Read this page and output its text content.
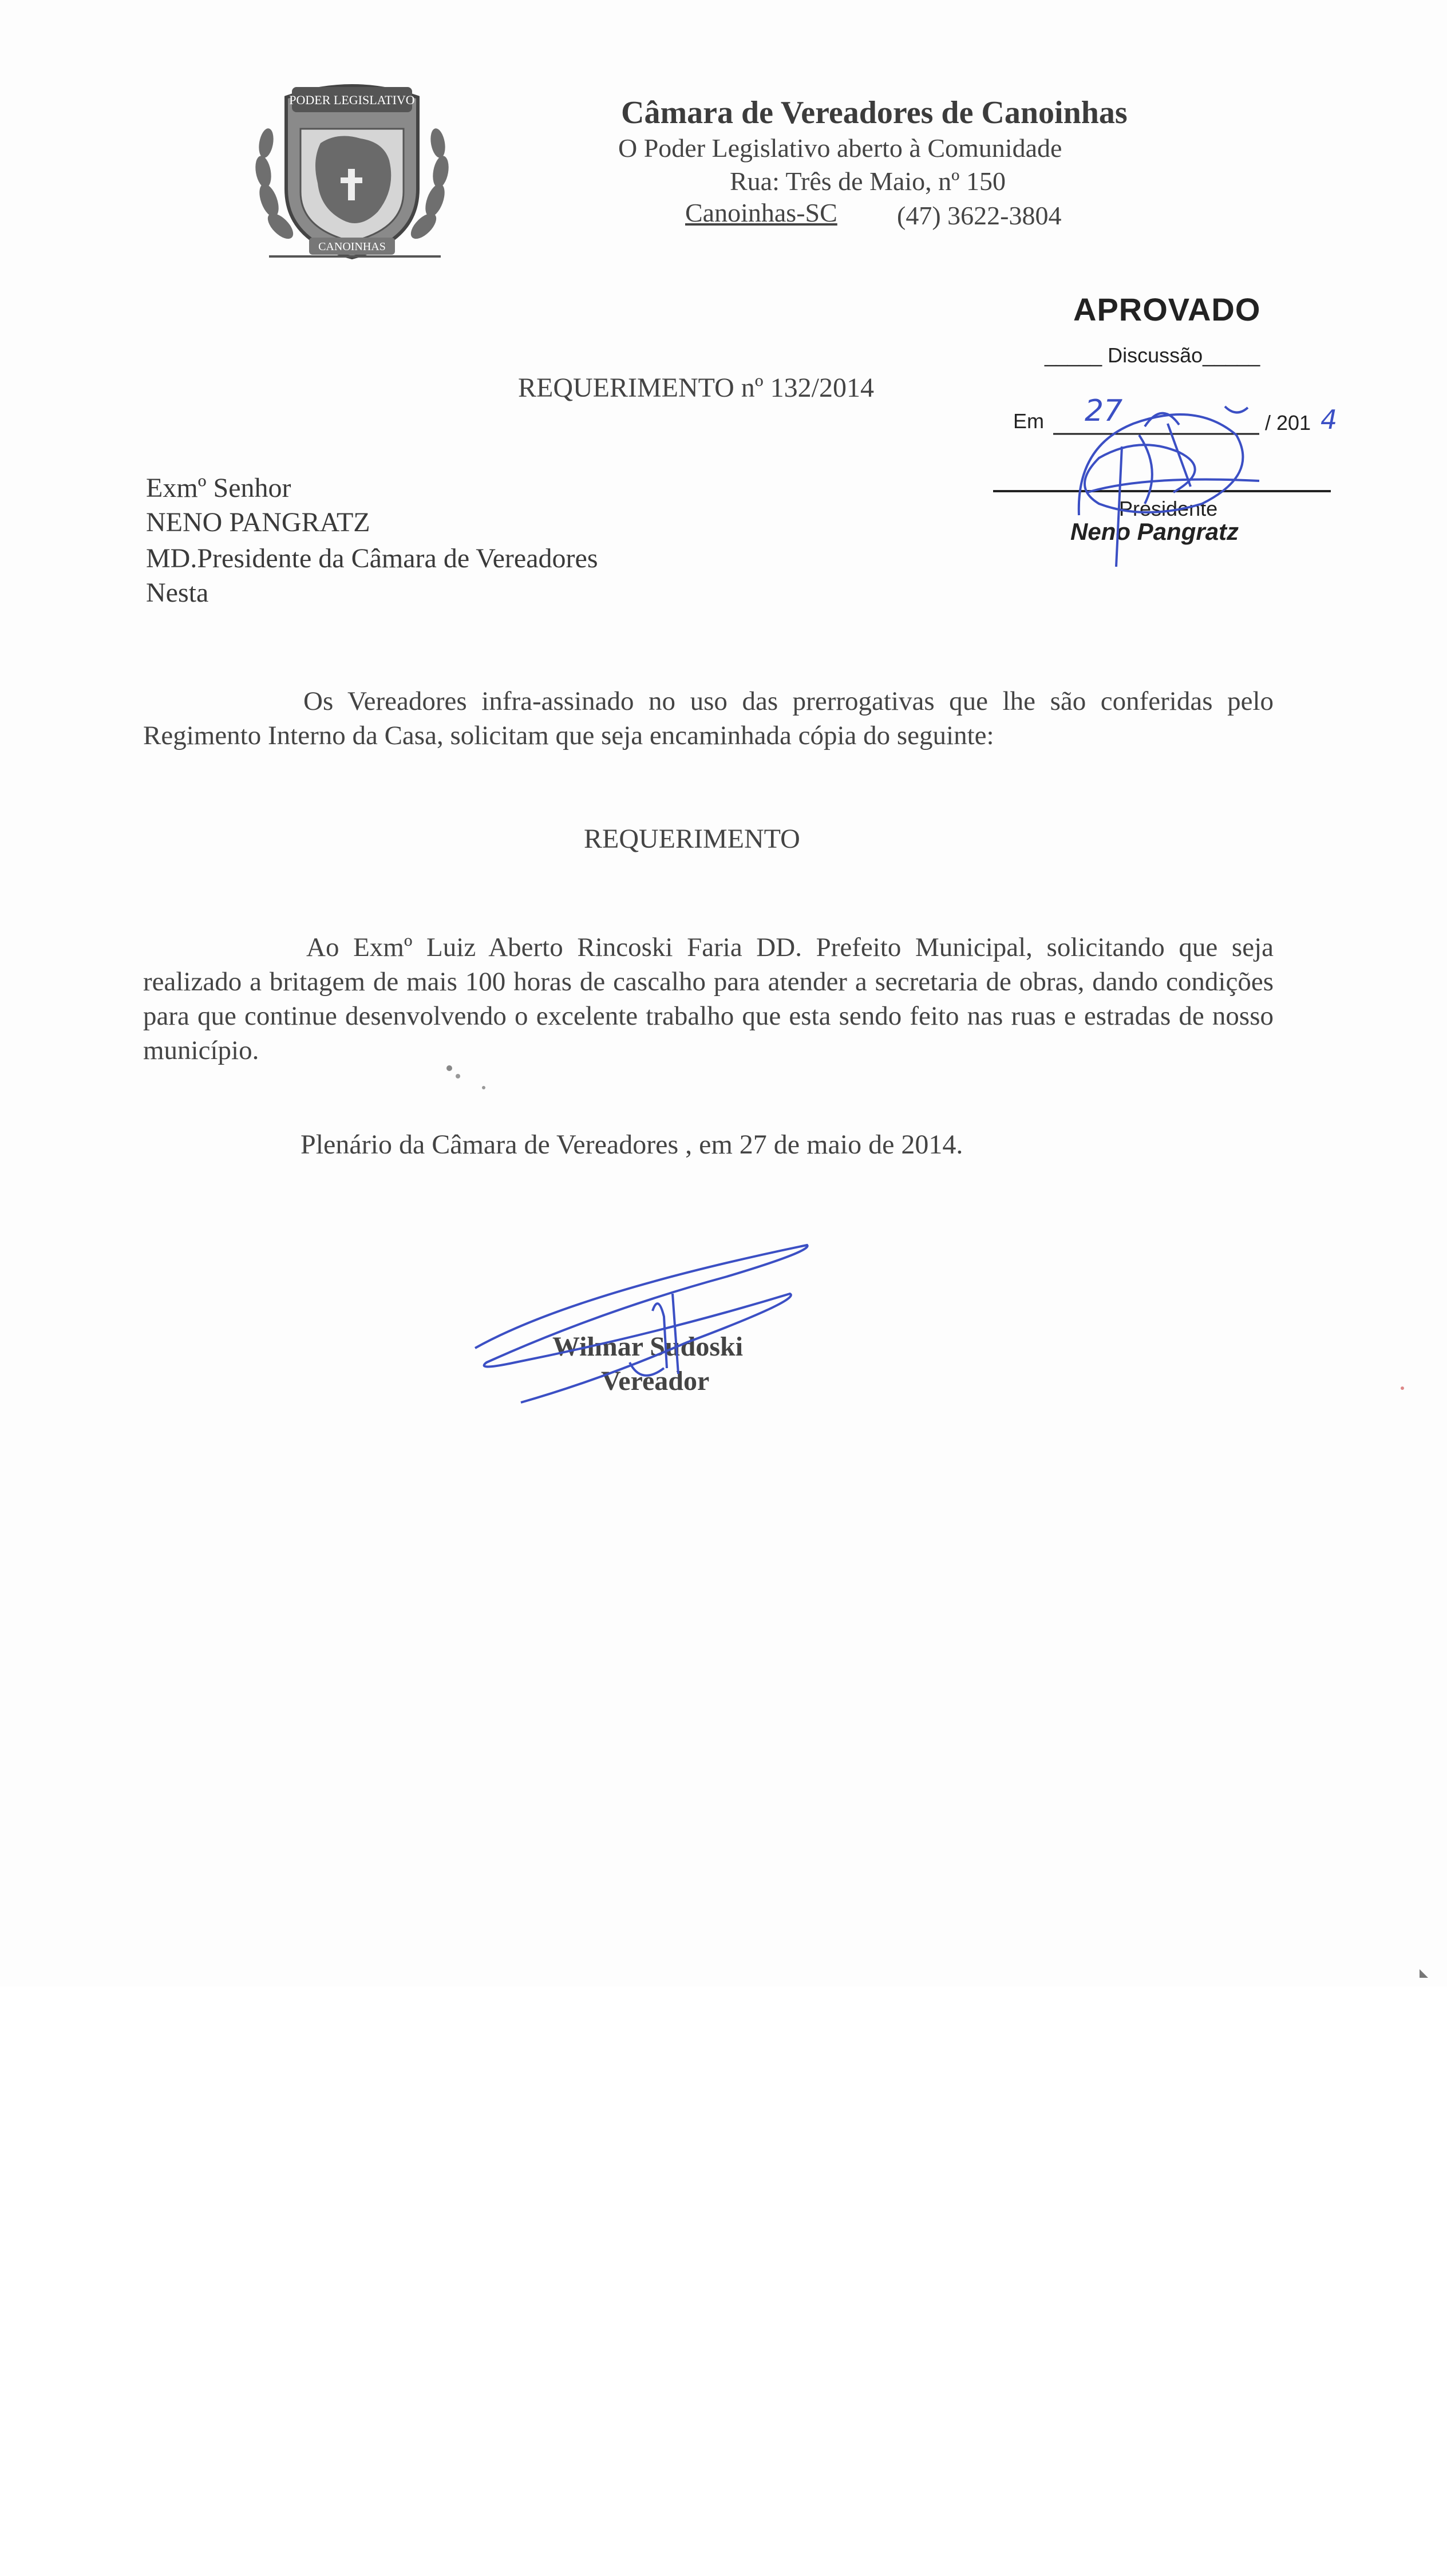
PODER LEGISLATIVO
CANOINHAS
Câmara de Vereadores de Canoinhas
O Poder Legislativo aberto à Comunidade
Rua: Três de Maio, nº 150
Canoinhas-SC (47) 3622-3804
APROVADO
_____ Discussão_____
Em 27	/ 201 4
Presidente
Neno Pangratz
REQUERIMENTO nº 132/2014
Exmº Senhor
NENO PANGRATZ
MD.Presidente da Câmara de Vereadores
Nesta
Os Vereadores infra-assinado no uso das prerrogativas que lhe são conferidas pelo Regimento Interno da Casa, solicitam que seja encaminhada cópia do seguinte:
REQUERIMENTO
Ao Exmº Luiz Aberto Rincoski Faria DD. Prefeito Municipal, solicitando que seja realizado a britagem de mais 100 horas de cascalho para atender a secretaria de obras, dando condições para que continue desenvolvendo o excelente trabalho que esta sendo feito nas ruas e estradas de nosso município.
Plenário da Câmara de Vereadores , em 27 de maio de 2014.
Wilmar Sudoski
Vereador
